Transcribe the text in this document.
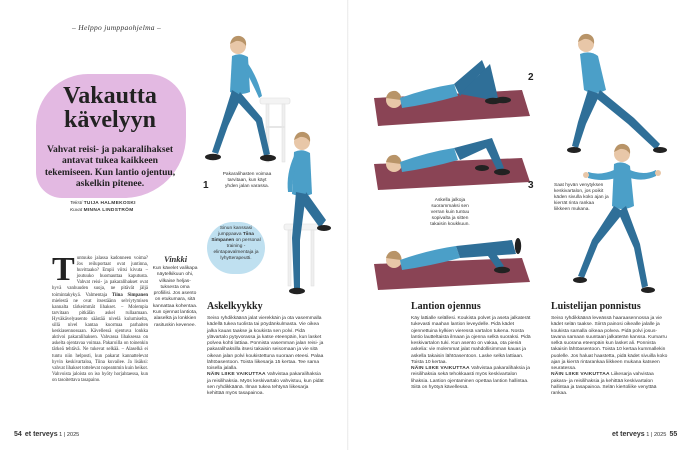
– Helppo jumppaohjelma –
Vakautta
kävelyyn
Vahvat reisi- ja pakaralihakset antavat tukea kaikkeen tekemiseen. Kun lantio ojentuu, askelkin pitenee.
Teksti TUIJA HALMEKOSKI
Kuvat MINNA LINDSTRÖM
Tuntuuko jalassa kadonneen voima? Jos reiluportaat ovat juntinna, huvittaako? Empii viitsi kivuta – joutuuko huomauttaa kaputusta. Vahvat reisi- ja pakaralihakset ovat hyvä vanhuuden suoja, ne pitävät jäljä toimintakykyä. Valmentaja Tiina Simpanen mielestä ne ovat itsestäänn selviytymisen kannalta tärkeimmät lihakset. – Molempia tarvitaan pitkälän askel rullaamaan. Hyväkävelyasento säästää nivelä kulumiselta, sillä nivel kantaa kuormaa parhaiten keskiasennossaan. Kävellessä ojentuva lonkka aktivoi pakaralihaksen. Vahvassa lihaksessa on askelta ojentavaa voimaa. Pakaroilla on toinenkin tärkeä tehtävä. Ne tukevat selkää. – Alaselkä ei tuntu niin helposti, kun pakarat kannattelevat hyvin keskivartaloa, Tiina kuvailee. Ja lisäksi: vahvat lihakset tottelevat nopeammin kuin heikot. Vahvoista jaloista on iso hyöty horjahtaessa, kun on tasoitettava tasapaino.
Vinkki
Kun kävelet valikapa näytelkikuun ohi, vilkaise heljastuksesta oma profiilisi. Jos asento on etukumara, sitä kannattaa kohentaa. Kun ojennat lantiota, alaselkä ja lonkkien rasituskin kevenee.
1
Pakaralihasten voimaa tarvitaan, kun käyt yhden jalan varassa.
Sinun kanssasi jumppaava Tiina Simpanen on personal training -elintapavalmentaja ja lyhytterapeutti.
Askelkyykky
Seiso ryhdikkäänä jalat vierekkäin ja ota vasemmalla kädellä tukea tuolista tai pöydänkulmasta. Vie oikea jalka kauas taakse ja koukista sen polvi. Pidä ylävartalo pytyvorassa ja katse eteenpäin, kun lasket polvea kohti lattiaa. Ponnista vasemman jalan reisi- ja pakaralihaksilla itsesi takaisin seisomaan ja vie sitä oikean jalan polvi koukistettuna suoraan eteesi. Palaa lähtöasentoon. Toista liikesarja 15 kertaa. Tee sama toisella jalalla.
NÄIN LIIKE VAIKUTTAA Vahvistaa pakaralihaksia ja reisilihaksia. Myös keskivartalo vahvistuu, kun pidät sen ryhdikkäänä. Ilman tukea tehtynä liikesarja kehittää myös tasapainoa.
54 et terveys 1 | 2025
Askella jalkoja suorammaksi sen verran kuin tuntuu sopivalta ja sitten takaisin koukkuun.
3
2
Saat hyvän venytyksen keskivartalon, jos poikit käden sivulla koko ajan ja kierrät rinta rankaa liikkeen mukana.
Lantion ojennus
Käy lattialle selällesi. Koukista polvet ja aseta jalkaterät tukevasti maahan lantion leveydelle. Pidä kädet ojennettuina kylkien vieressä vartalon tukena. Nosta lantio lautteltaista ilmaan ja ojenna selkä suoraksi. Pidä keskivartalon tuki. Kun asento on vakaa, ota pieniä askelia: vie molemmat jalat mahdollisimman kauas ja askella takaisin lähtöasentoon. Laske selkä lattiaan. Toista 10 kertaa.
NÄIN LIIKE VAIKUTTAA Vahvistaa pakaralihaksia ja reisilihaksia sekä tehokkaasti myös keskivartalon lihaksia. Lantion ojentaminen opettaa lantion hallintaa. Siitä on hyötyä kävellessä.
Luistelijan ponnistus
Seiso ryhdikkäänä leveässä haaraasennossa ja vie kädet selän taakse. Siirrä painosi oikealle jalalle ja koukista samalla oikeaa polvea. Pidä polvi josustavana samaan suuntaan jalkaterän kanssa. Kumarru selkä suorana eteenpäin kun lasket ali. Ponnista takaisin lähtöasentoon. Toista 10 kertaa kummallekin puolelle. Jos haluat haastetta, pidä kädet sivuilla koko ajan ja kierrä rintarankaa liikkeen mukana katseen seuratessa.
NÄIN LIIKE VAIKUTTAA Liikesarja vahvistaa pakara- ja reisilihaksia ja kehittää keskivartalon hallintaa ja tasapainoa. Selän kiertoliike venyttää rankaa.
et terveys 1 | 2025 55
